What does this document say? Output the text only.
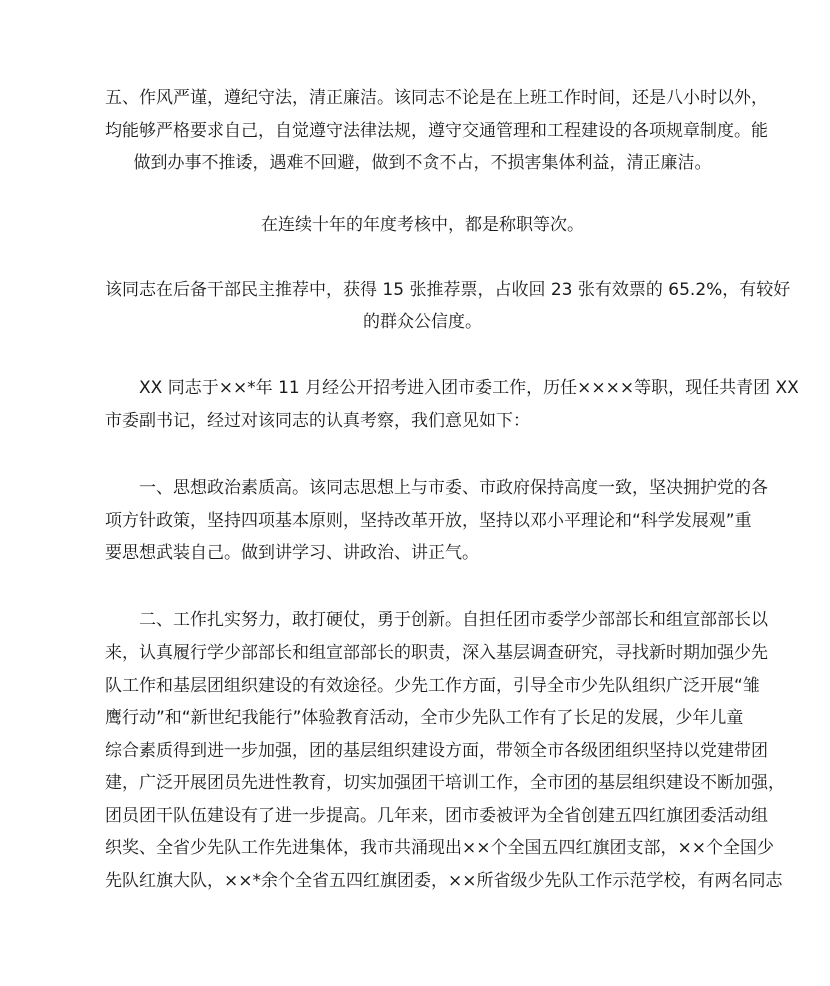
五、作风严谨，遵纪守法，清正廉洁。该同志不论是在上班工作时间，还是八小时以外，
均能够严格要求自己，自觉遵守法律法规，遵守交通管理和工程建设的各项规章制度。能
做到办事不推诿，遇难不回避，做到不贪不占，不损害集体利益，清正廉洁。
在连续十年的年度考核中，都是称职等次。
该同志在后备干部民主推荐中，获得 15 张推荐票，占收回 23 张有效票的 65.2%，有较好
的群众公信度。
XX 同志于××*年 11 月经公开招考进入团市委工作，历任××××等职，现任共青团 XX
市委副书记，经过对该同志的认真考察，我们意见如下：
一、思想政治素质高。该同志思想上与市委、市政府保持高度一致，坚决拥护党的各
项方针政策，坚持四项基本原则，坚持改革开放，坚持以邓小平理论和“科学发展观”重
要思想武装自己。做到讲学习、讲政治、讲正气。
二、工作扎实努力，敢打硬仗，勇于创新。自担任团市委学少部部长和组宣部部长以
来，认真履行学少部部长和组宣部部长的职责，深入基层调查研究，寻找新时期加强少先
队工作和基层团组织建设的有效途径。少先工作方面，引导全市少先队组织广泛开展“雏
鹰行动”和“新世纪我能行”体验教育活动，全市少先队工作有了长足的发展，少年儿童
综合素质得到进一步加强，团的基层组织建设方面，带领全市各级团组织坚持以党建带团
建，广泛开展团员先进性教育，切实加强团干培训工作，全市团的基层组织建设不断加强，
团员团干队伍建设有了进一步提高。几年来，团市委被评为全省创建五四红旗团委活动组
织奖、全省少先队工作先进集体，我市共涌现出××个全国五四红旗团支部，××个全国少
先队红旗大队，××*余个全省五四红旗团委，××所省级少先队工作示范学校，有两名同志
